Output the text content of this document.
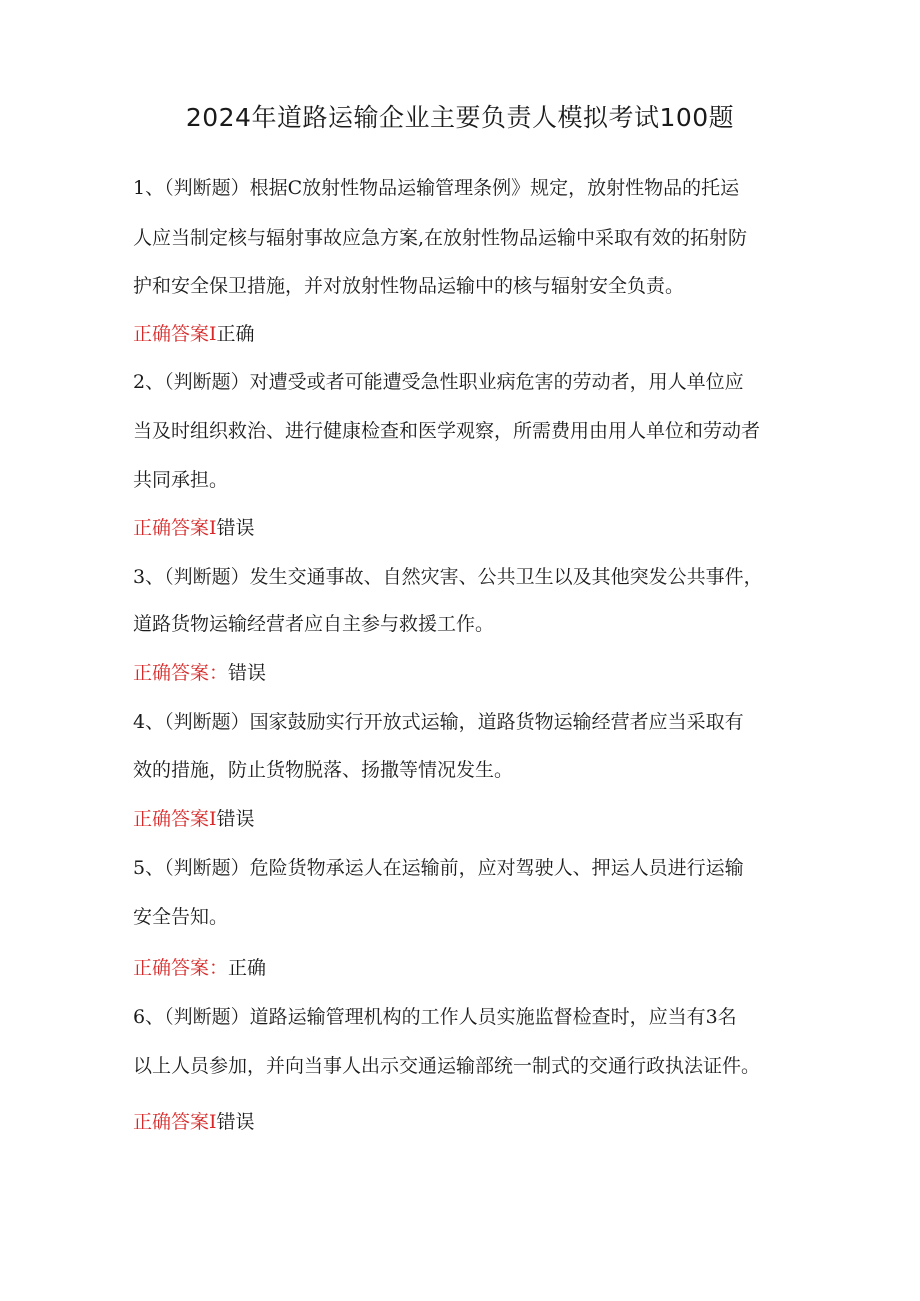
2024年道路运输企业主要负责人模拟考试100题
1、（判断题）根据C放射性物品运输管理条例》规定，放射性物品的托运
人应当制定核与辐射事故应急方案,在放射性物品运输中采取有效的拓射防
护和安全保卫措施，并对放射性物品运输中的核与辐射安全负责。
正确答案I正确
2、（判断题）对遭受或者可能遭受急性职业病危害的劳动者，用人单位应
当及时组织救治、进行健康检查和医学观察，所需费用由用人单位和劳动者
共同承担。
正确答案I错误
3、（判断题）发生交通事故、自然灾害、公共卫生以及其他突发公共事件，
道路货物运输经营者应自主参与救援工作。
正确答案：错误
4、（判断题）国家鼓励实行开放式运输，道路货物运输经营者应当采取有
效的措施，防止货物脱落、扬撒等情况发生。
正确答案I错误
5、（判断题）危险货物承运人在运输前，应对驾驶人、押运人员进行运输
安全告知。
正确答案：正确
6、（判断题）道路运输管理机构的工作人员实施监督检查时，应当有3名
以上人员参加，并向当事人出示交通运输部统一制式的交通行政执法证件。
正确答案I错误
